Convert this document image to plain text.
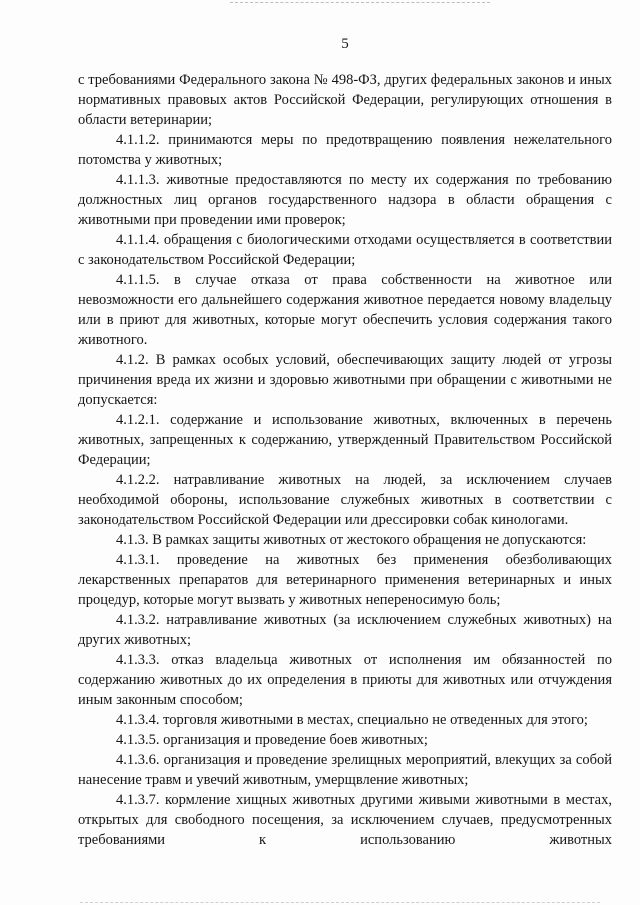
5

с требованиями Федерального закона № 498-ФЗ, других федеральных законов и иных нормативных правовых актов Российской Федерации, регулирующих отношения в области ветеринарии;

4.1.1.2. принимаются меры по предотвращению появления нежелательного потомства у животных;

4.1.1.3. животные предоставляются по месту их содержания по требованию должностных лиц органов государственного надзора в области обращения с животными при проведении ими проверок;

4.1.1.4. обращения с биологическими отходами осуществляется в соответствии с законодательством Российской Федерации;

4.1.1.5. в случае отказа от права собственности на животное или невозможности его дальнейшего содержания животное передается новому владельцу или в приют для животных, которые могут обеспечить условия содержания такого животного.

4.1.2. В рамках особых условий, обеспечивающих защиту людей от угрозы причинения вреда их жизни и здоровью животными при обращении с животными не допускается:

4.1.2.1. содержание и использование животных, включенных в перечень животных, запрещенных к содержанию, утвержденный Правительством Российской Федерации;

4.1.2.2. натравливание животных на людей, за исключением случаев необходимой обороны, использование служебных животных в соответствии с законодательством Российской Федерации или дрессировки собак кинологами.

4.1.3. В рамках защиты животных от жестокого обращения не допускаются:

4.1.3.1. проведение на животных без применения обезболивающих лекарственных препаратов для ветеринарного применения ветеринарных и иных процедур, которые могут вызвать у животных непереносимую боль;

4.1.3.2. натравливание животных (за исключением служебных животных) на других животных;

4.1.3.3. отказ владельца животных от исполнения им обязанностей по содержанию животных до их определения в приюты для животных или отчуждения иным законным способом;

4.1.3.4. торговля животными в местах, специально не отведенных для этого;

4.1.3.5. организация и проведение боев животных;

4.1.3.6. организация и проведение зрелищных мероприятий, влекущих за собой нанесение травм и увечий животным, умерщвление животных;

4.1.3.7. кормление хищных животных другими живыми животными в местах, открытых для свободного посещения, за исключением случаев, предусмотренных требованиями к использованию животных
